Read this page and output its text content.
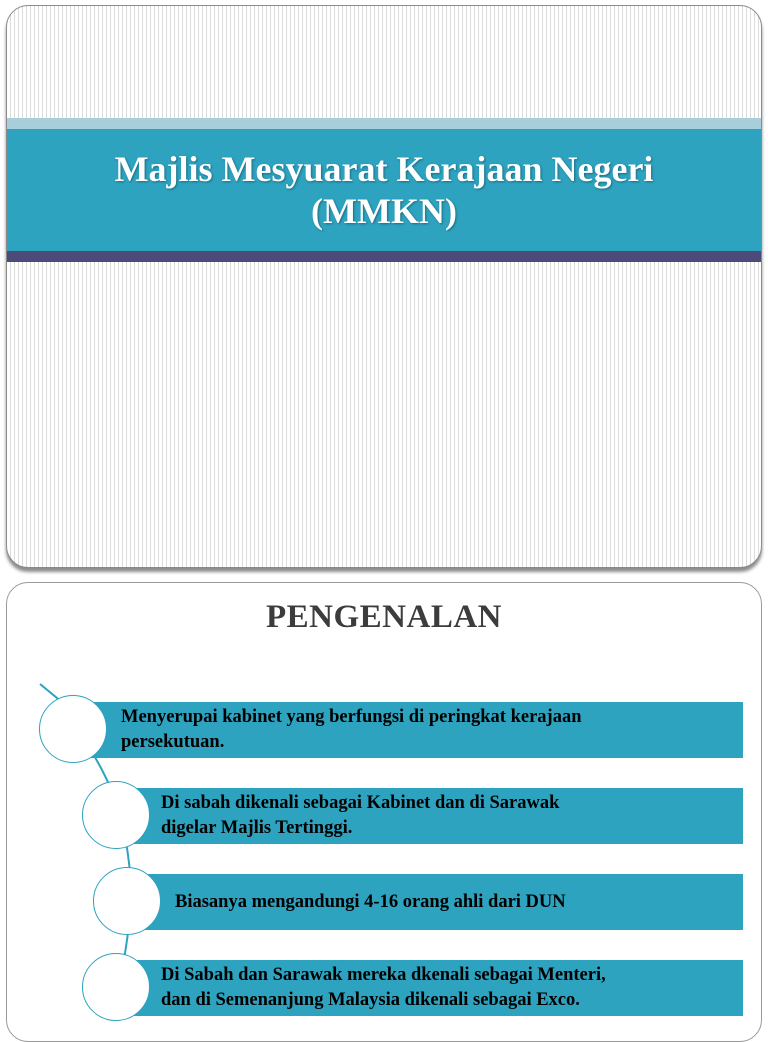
Majlis Mesyuarat Kerajaan Negeri
(MMKN)
PENGENALAN
Menyerupai kabinet yang berfungsi di peringkat kerajaan
persekutuan.
Di sabah dikenali sebagai Kabinet dan di Sarawak
digelar Majlis Tertinggi.
Biasanya mengandungi 4-16 orang ahli dari DUN
Di Sabah dan Sarawak mereka dkenali sebagai Menteri,
dan di Semenanjung Malaysia dikenali sebagai Exco.
